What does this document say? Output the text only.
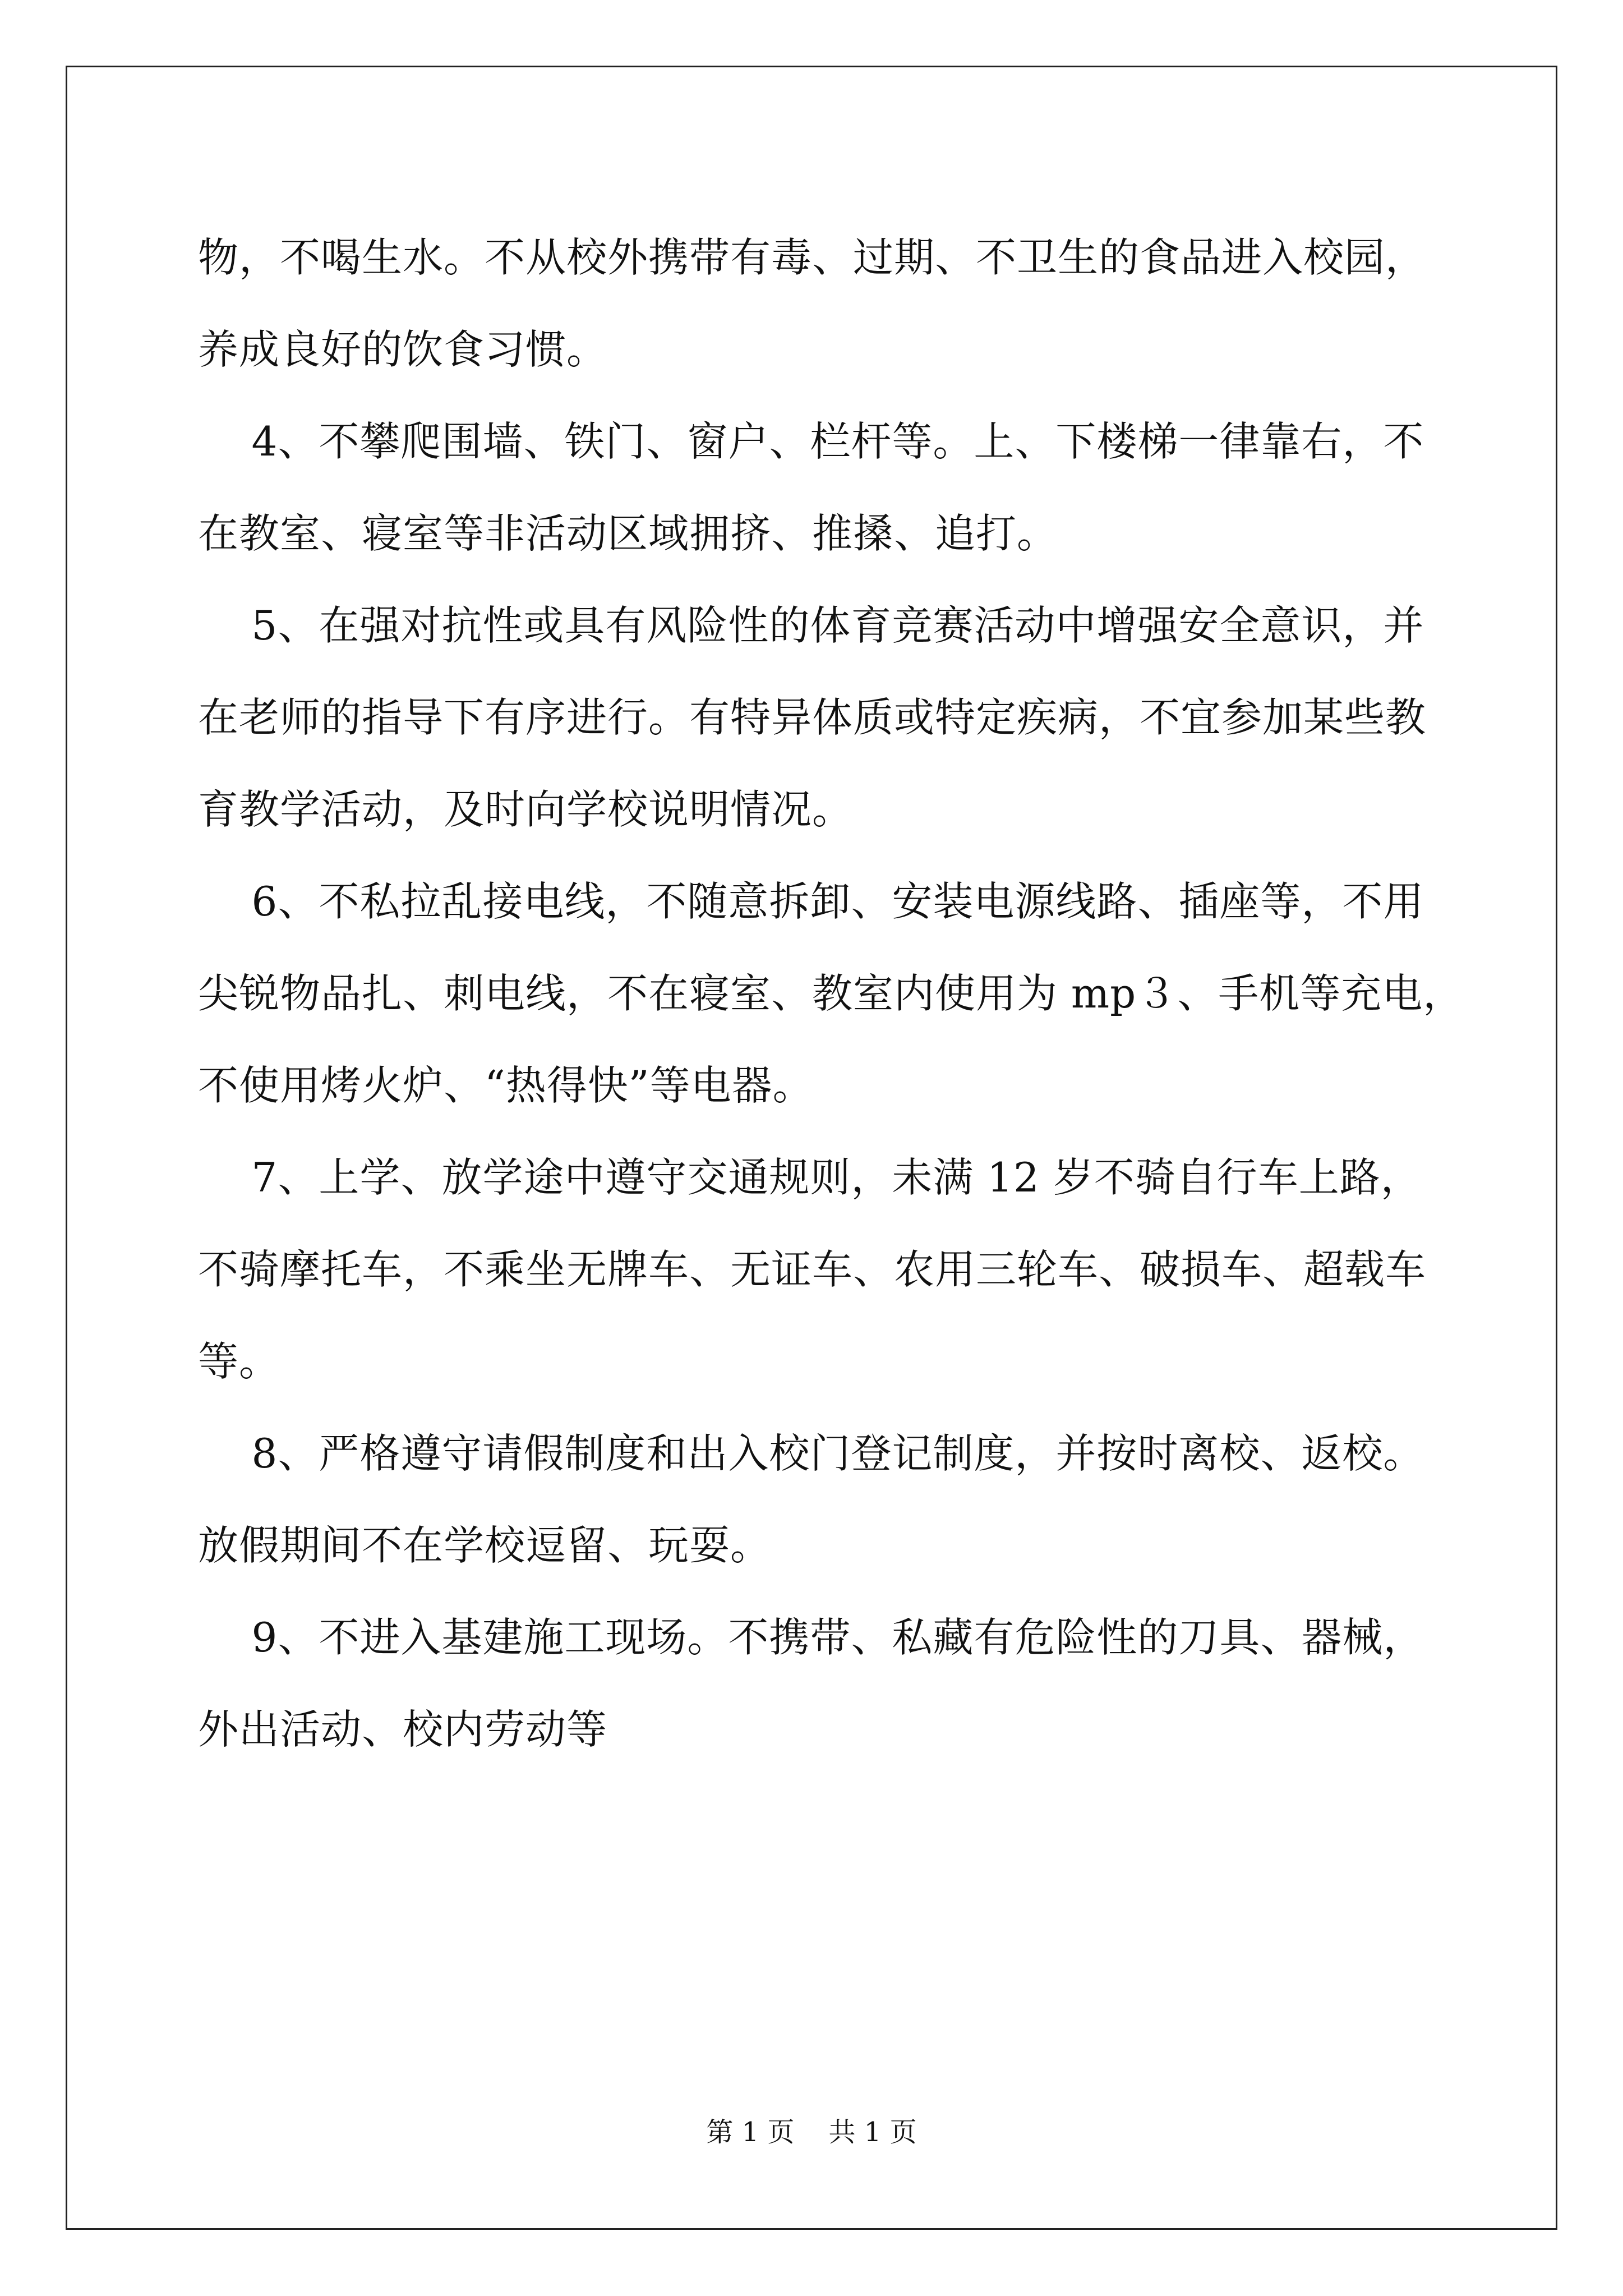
物，不喝生水。不从校外携带有毒、过期、不卫生的食品进入校园，
养成良好的饮食习惯。
4、不攀爬围墙、铁门、窗户、栏杆等。上、下楼梯一律靠右，不
在教室、寝室等非活动区域拥挤、推搡、追打。
5、在强对抗性或具有风险性的体育竞赛活动中增强安全意识，并
在老师的指导下有序进行。有特异体质或特定疾病，不宜参加某些教
育教学活动，及时向学校说明情况。
6、不私拉乱接电线，不随意拆卸、安装电源线路、插座等，不用
尖锐物品扎、刺电线，不在寝室、教室内使用为 mp３、手机等充电，
不使用烤火炉、“热得快”等电器。
7、上学、放学途中遵守交通规则，未满 12 岁不骑自行车上路，
不骑摩托车，不乘坐无牌车、无证车、农用三轮车、破损车、超载车
等。
8、严格遵守请假制度和出入校门登记制度，并按时离校、返校。
放假期间不在学校逗留、玩耍。
9、不进入基建施工现场。不携带、私藏有危险性的刀具、器械，
外出活动、校内劳动等
第 1 页    共 1 页
